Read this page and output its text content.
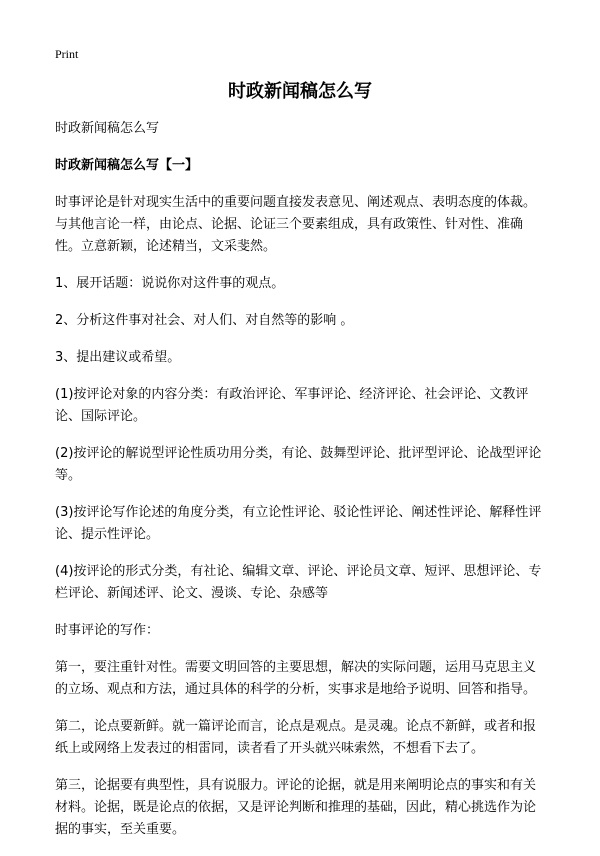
Print
时政新闻稿怎么写

时政新闻稿怎么写

时政新闻稿怎么写【一】

时事评论是针对现实生活中的重要问题直接发表意见、阐述观点、表明态度的体裁。与其他言论一样，由论点、论据、论证三个要素组成，具有政策性、针对性、准确性。立意新颖，论述精当，文采斐然。

1、展开话题：说说你对这件事的观点。

2、分析这件事对社会、对人们、对自然等的影响 。

3、提出建议或希望。

(1)按评论对象的内容分类：有政治评论、军事评论、经济评论、社会评论、文教评论、国际评论。

(2)按评论的解说型评论性质功用分类，有论、鼓舞型评论、批评型评论、论战型评论等。

(3)按评论写作论述的角度分类，有立论性评论、驳论性评论、阐述性评论、解释性评论、提示性评论。

(4)按评论的形式分类，有社论、编辑文章、评论、评论员文章、短评、思想评论、专栏评论、新闻述评、论文、漫谈、专论、杂感等

时事评论的写作：

第一，要注重针对性。需要文明回答的主要思想，解决的实际问题，运用马克思主义的立场、观点和方法，通过具体的科学的分析，实事求是地给予说明、回答和指导。

第二，论点要新鲜。就一篇评论而言，论点是观点。是灵魂。论点不新鲜，或者和报纸上或网络上发表过的相雷同，读者看了开头就兴味索然，不想看下去了。

第三，论据要有典型性，具有说服力。评论的论据，就是用来阐明论点的事实和有关材料。论据，既是论点的依据，又是评论判断和推理的基础，因此，精心挑选作为论据的事实，至关重要。
